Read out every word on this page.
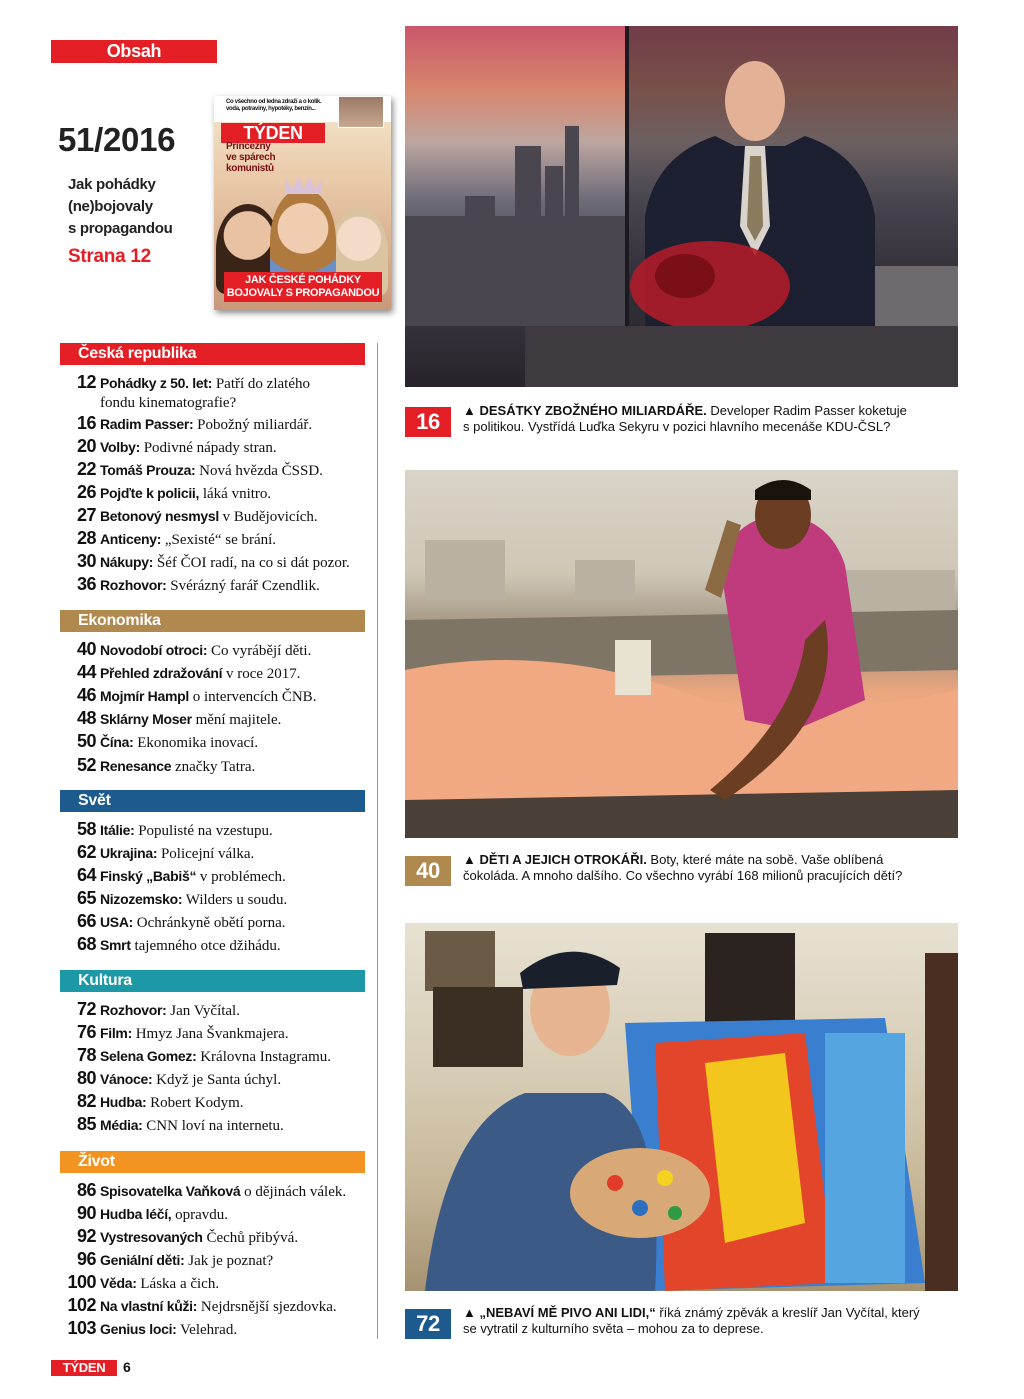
Obsah
51/2016
Jak pohádky
(ne)bojovaly
s propagandou
Strana 12
Co všechno od ledna zdraží a o kolik. voda, potraviny, hypotéky, benzín...
TÝDEN
Princezny
ve spárech
komunistů
JAK ČESKÉ POHÁDKY
BOJOVALY S PROPAGANDOU
Česká republika
12 Pohádky z 50. let: Patří do zlatého
fondu kinematografie?
16 Radim Passer: Pobožný miliardář.
20 Volby: Podivné nápady stran.
22 Tomáš Prouza: Nová hvězda ČSSD.
26 Pojďte k policii, láká vnitro.
27 Betonový nesmysl v Budějovicích.
28 Anticeny: „Sexisté“ se brání.
30 Nákupy: Šéf ČOI radí, na co si dát pozor.
36 Rozhovor: Svérázný farář Czendlik.
Ekonomika
40 Novodobí otroci: Co vyrábějí děti.
44 Přehled zdražování v roce 2017.
46 Mojmír Hampl o intervencích ČNB.
48 Sklárny Moser mění majitele.
50 Čína: Ekonomika inovací.
52 Renesance značky Tatra.
Svět
58 Itálie: Populisté na vzestupu.
62 Ukrajina: Policejní válka.
64 Finský „Babiš“ v problémech.
65 Nizozemsko: Wilders u soudu.
66 USA: Ochránkyně obětí porna.
68 Smrt tajemného otce džihádu.
Kultura
72 Rozhovor: Jan Vyčítal.
76 Film: Hmyz Jana Švankmajera.
78 Selena Gomez: Královna Instagramu.
80 Vánoce: Když je Santa úchyl.
82 Hudba: Robert Kodym.
85 Média: CNN loví na internetu.
Život
86 Spisovatelka Vaňková o dějinách válek.
90 Hudba léčí, opravdu.
92 Vystresovaných Čechů přibývá.
96 Geniální děti: Jak je poznat?
100 Věda: Láska a čich.
102 Na vlastní kůži: Nejdrsnější sjezdovka.
103 Genius loci: Velehrad.
16	▲ DESÁTKY ZBOŽNÉHO MILIARDÁŘE. Developer Radim Passer koketuje
s politikou. Vystřídá Luďka Sekyru v pozici hlavního mecenáše KDU-ČSL?
40	▲ DĚTI A JEJICH OTROKÁŘI. Boty, které máte na sobě. Vaše oblíbená
čokoláda. A mnoho dalšího. Co všechno vyrábí 168 milionů pracujících dětí?
72	▲ „NEBAVÍ MĚ PIVO ANI LIDI,“ říká známý zpěvák a kreslíř Jan Vyčítal, který
se vytratil z kulturního světa – mohou za to deprese.
TÝDEN	6
